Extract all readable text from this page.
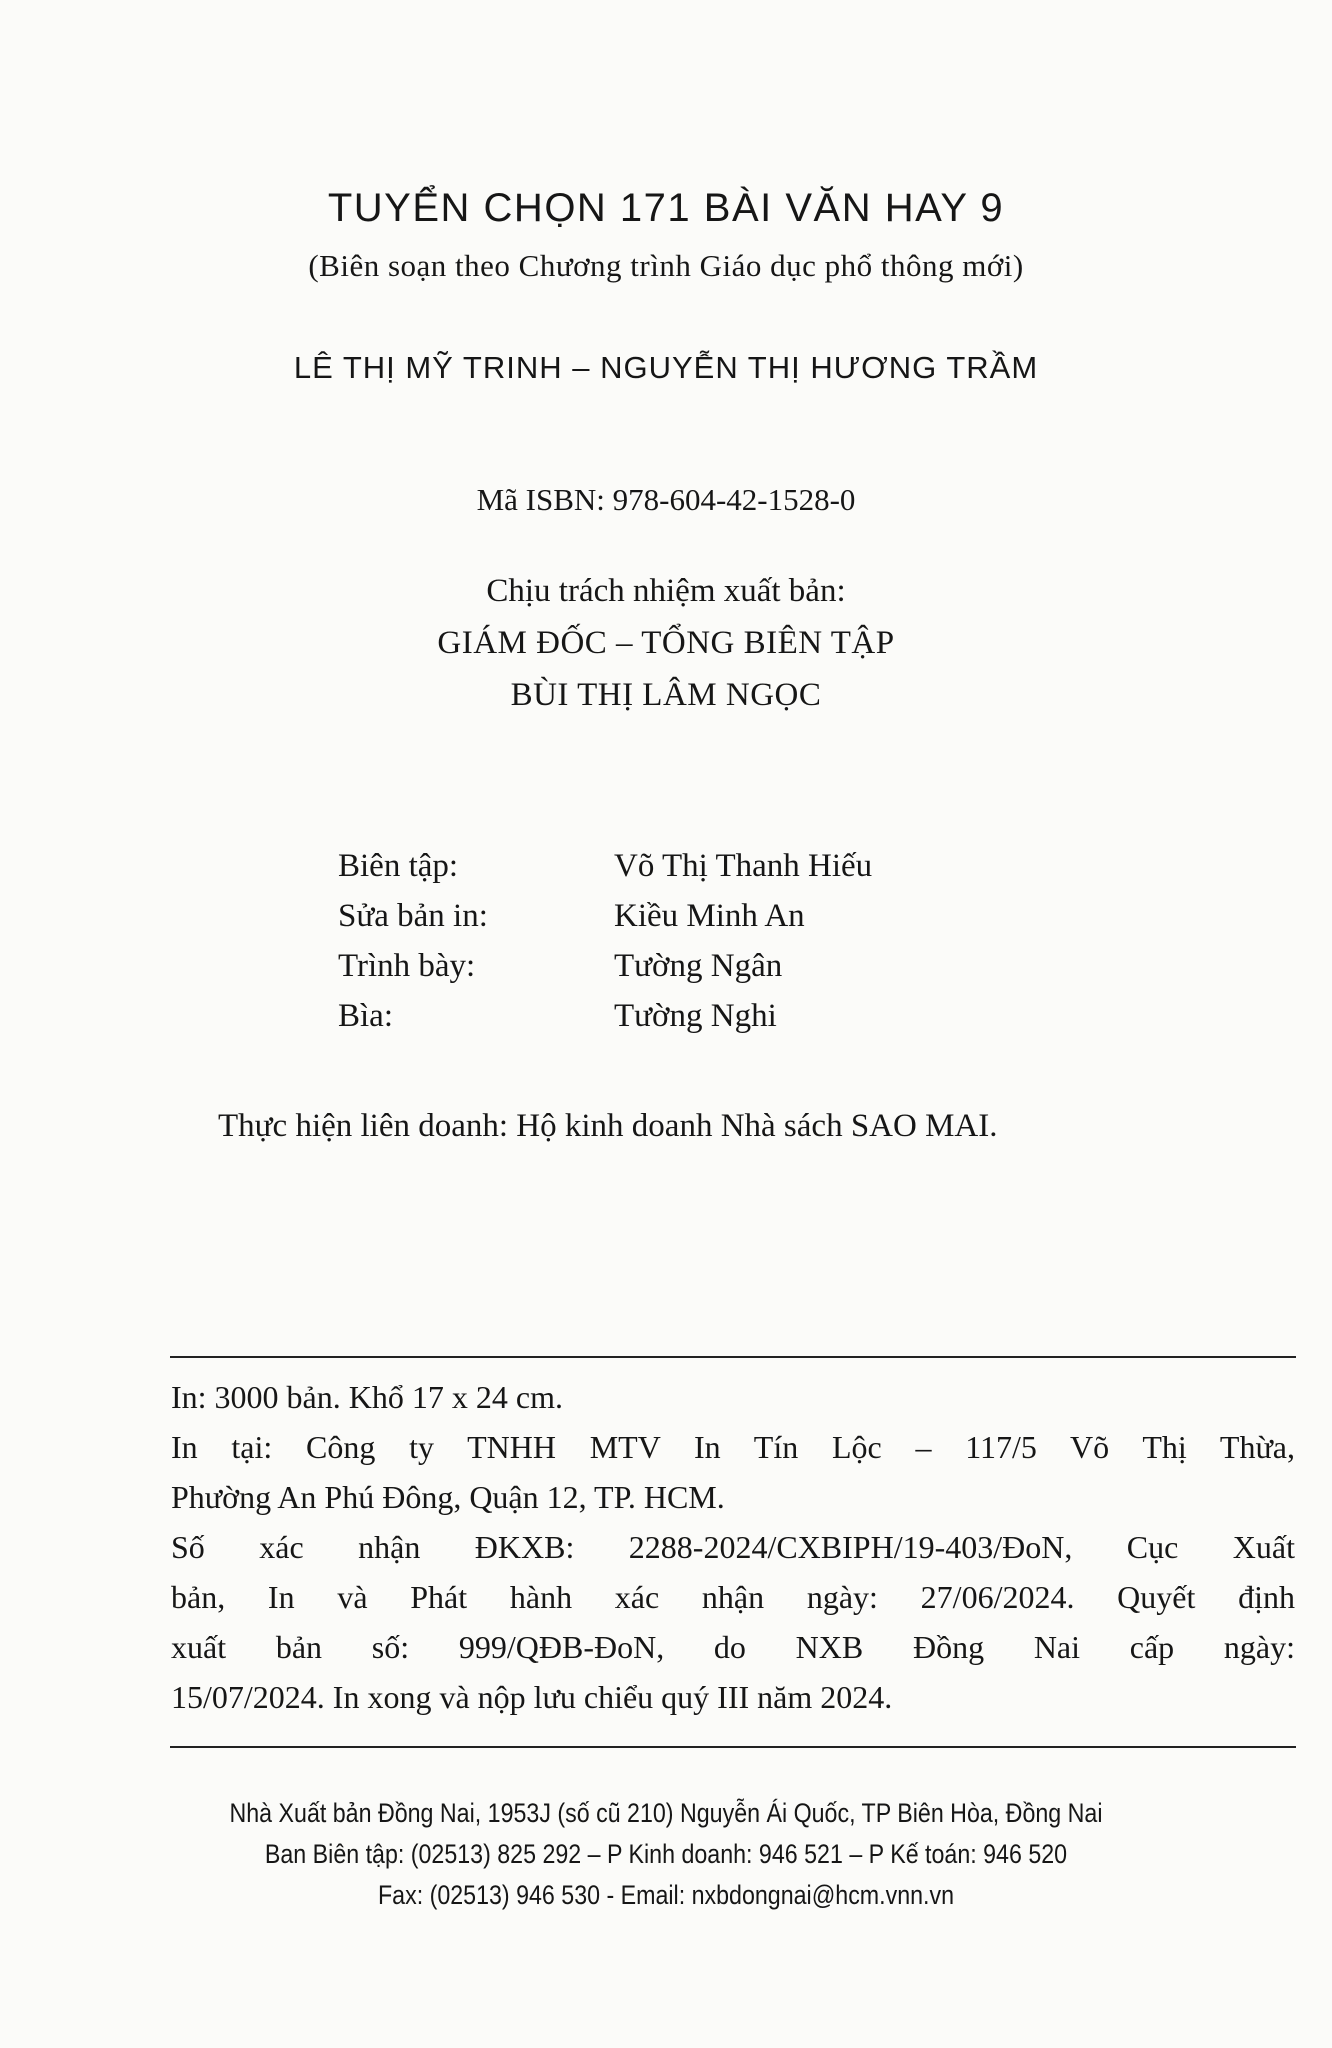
TUYỂN CHỌN 171 BÀI VĂN HAY 9
(Biên soạn theo Chương trình Giáo dục phổ thông mới)
LÊ THỊ MỸ TRINH – NGUYỄN THỊ HƯƠNG TRẦM
Mã ISBN: 978-604-42-1528-0
Chịu trách nhiệm xuất bản:
GIÁM ĐỐC – TỔNG BIÊN TẬP
BÙI THỊ LÂM NGỌC
Biên tập:	Võ Thị Thanh Hiếu
Sửa bản in:	Kiều Minh An
Trình bày:	Tường Ngân
Bìa:	Tường Nghi
Thực hiện liên doanh: Hộ kinh doanh Nhà sách SAO MAI.
In: 3000 bản. Khổ 17 x 24 cm.
In tại: Công ty TNHH MTV In Tín Lộc – 117/5 Võ Thị Thừa,
Phường An Phú Đông, Quận 12, TP. HCM.
Số xác nhận ĐKXB: 2288-2024/CXBIPH/19-403/ĐoN, Cục Xuất
bản, In và Phát hành xác nhận ngày: 27/06/2024. Quyết định
xuất bản số: 999/QĐB-ĐoN, do NXB Đồng Nai cấp ngày:
15/07/2024. In xong và nộp lưu chiểu quý III năm 2024.
Nhà Xuất bản Đồng Nai, 1953J (số cũ 210) Nguyễn Ái Quốc, TP Biên Hòa, Đồng Nai
Ban Biên tập: (02513) 825 292 – P Kinh doanh: 946 521 – P Kế toán: 946 520
Fax: (02513) 946 530 - Email: nxbdongnai@hcm.vnn.vn
